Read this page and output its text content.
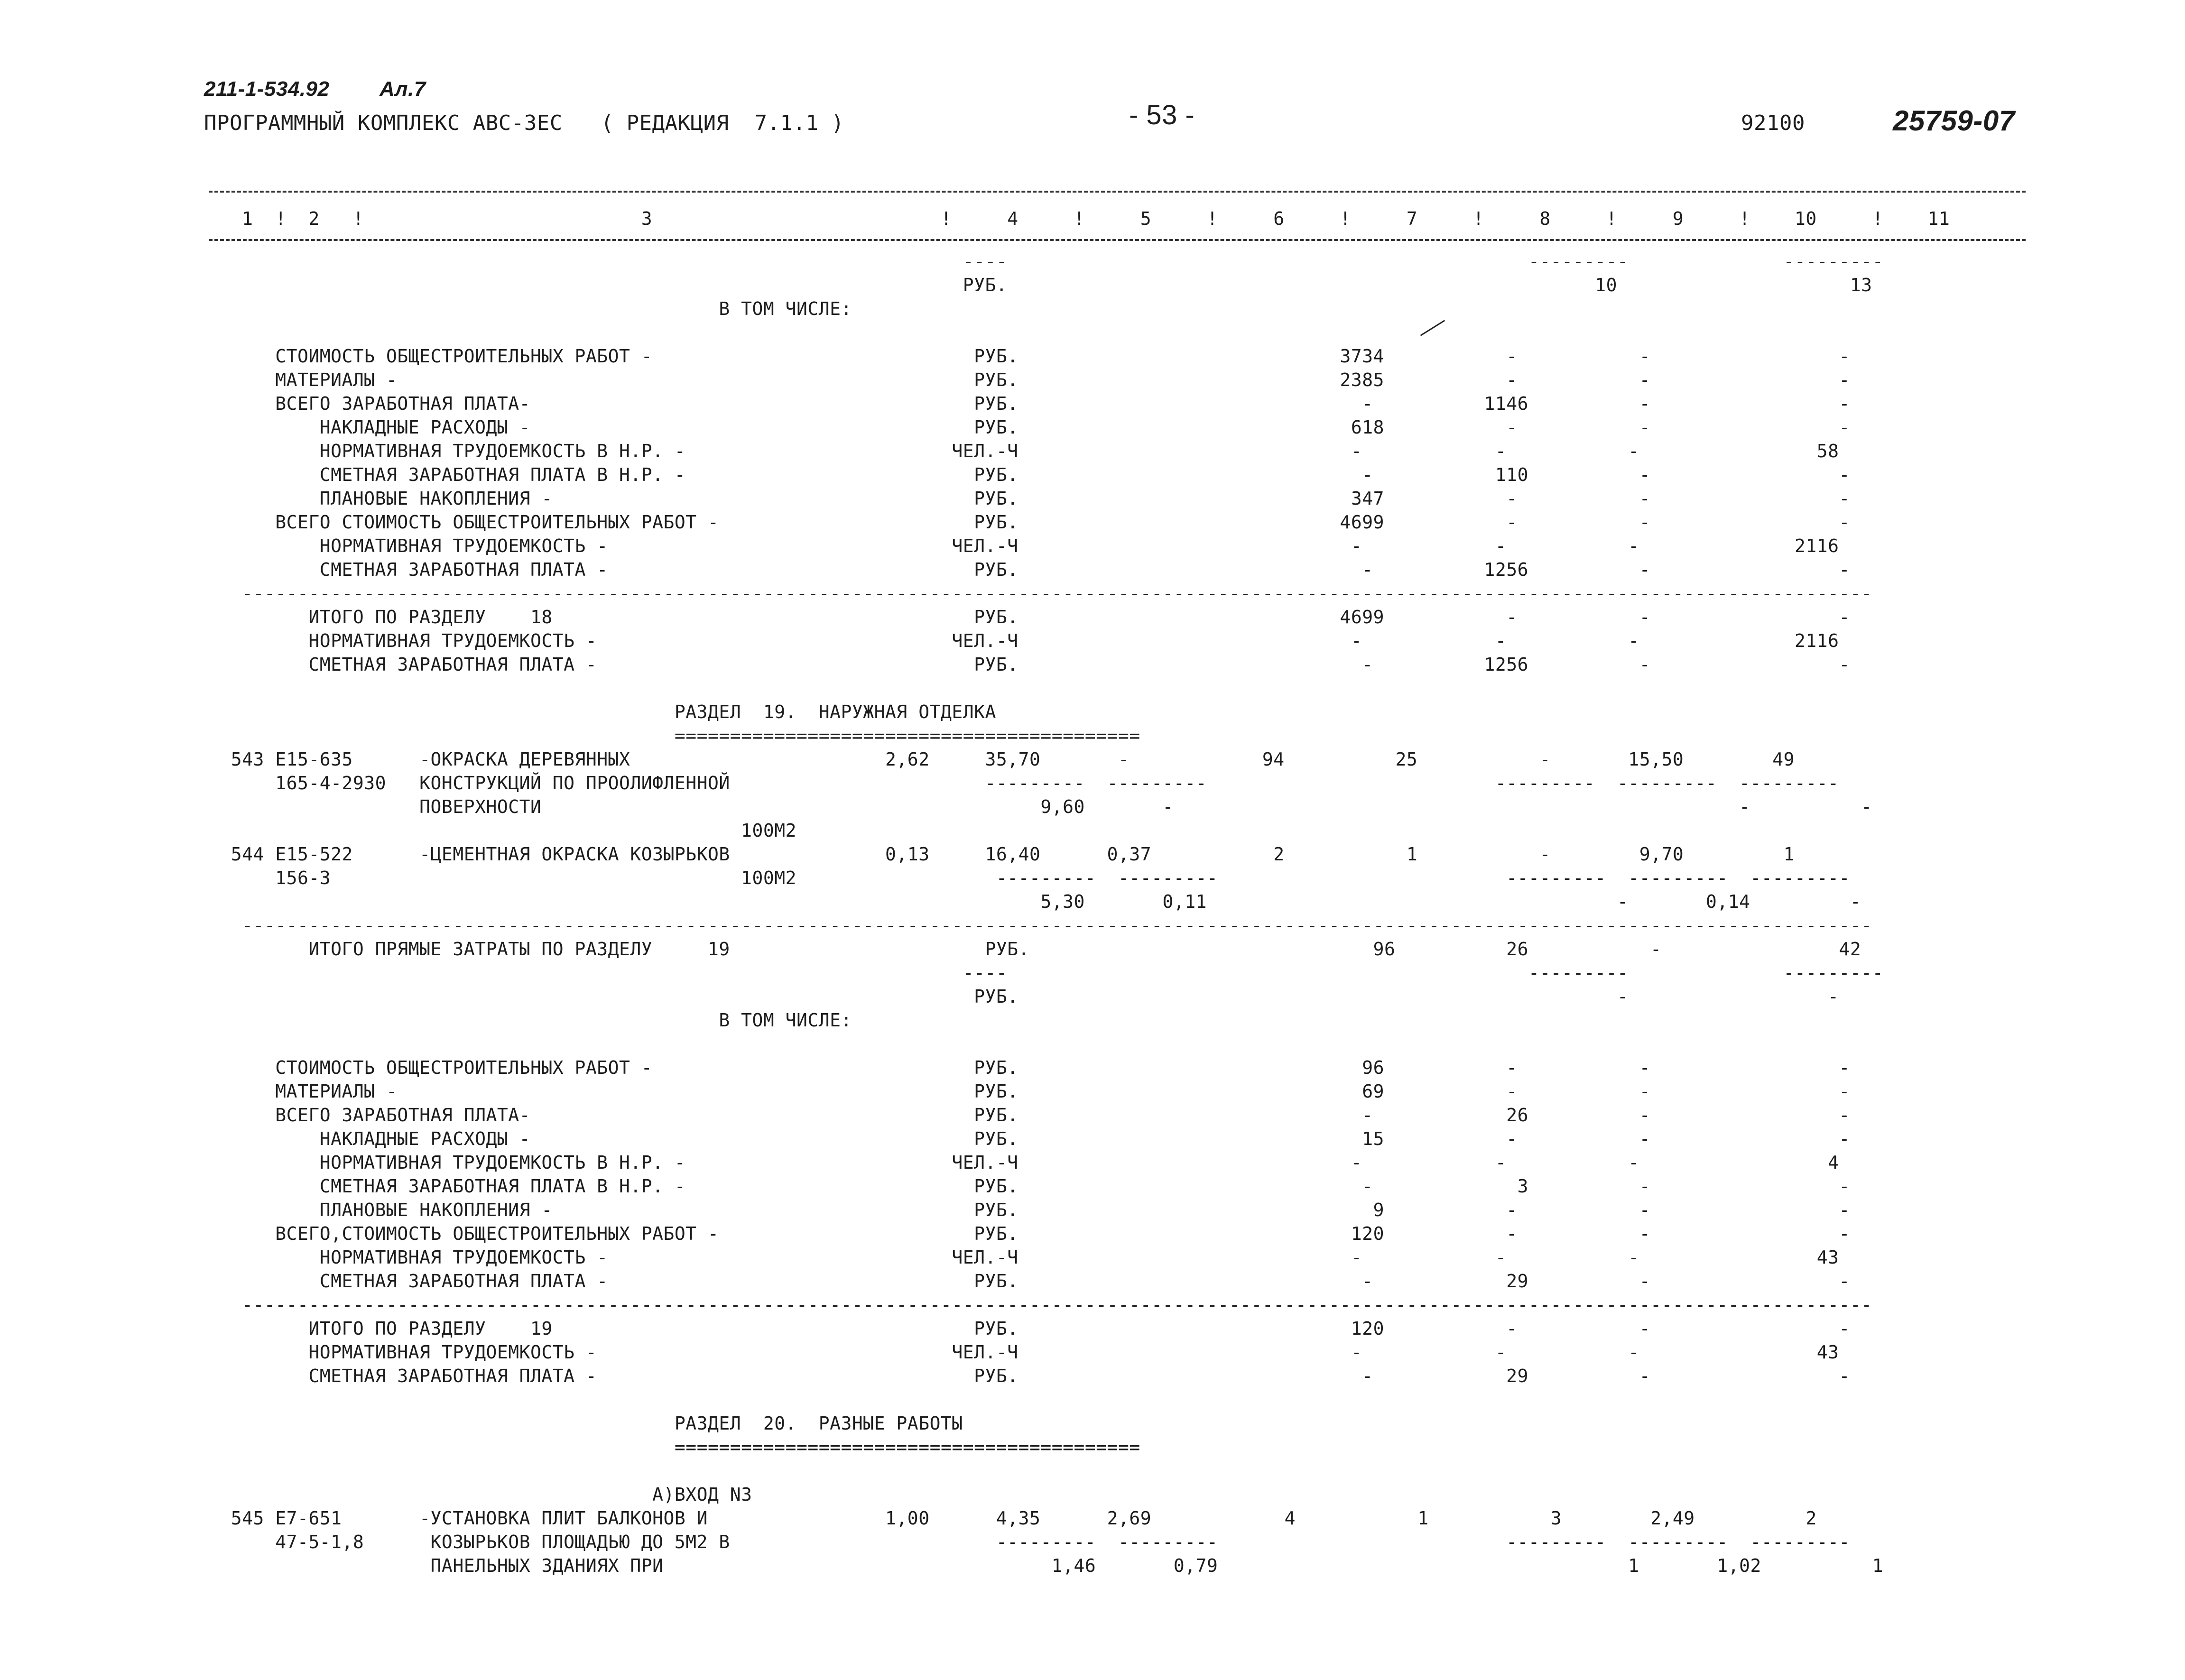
211-1-534.92 Ал.7
ПРОГРАММНЫЙ КОМПЛЕКС АВС-ЗЕС   ( РЕДАКЦИЯ  7.1.1 )	- 53 -	92100	25759-07
1  !  2   !                         3                          !     4     !     5     !     6     !     7     !     8     !     9     !    10     !    11
----                                               ---------              ---------
РУБ.                                                     10                     13
В ТОМ ЧИСЛЕ:
СТОИМОСТЬ ОБЩЕСТРОИТЕЛЬНЫХ РАБОТ -                             РУБ.                             3734           -           -                 -
МАТЕРИАЛЫ -                                                    РУБ.                             2385           -           -                 -
ВСЕГО ЗАРАБОТНАЯ ПЛАТА-                                        РУБ.                               -          1146          -                 -
НАКЛАДНЫЕ РАСХОДЫ -                                        РУБ.                              618           -           -                 -
НОРМАТИВНАЯ ТРУДОЕМКОСТЬ В Н.Р. -                        ЧЕЛ.-Ч                              -            -           -                58
СМЕТНАЯ ЗАРАБОТНАЯ ПЛАТА В Н.Р. -                          РУБ.                               -           110          -                 -
ПЛАНОВЫЕ НАКОПЛЕНИЯ -                                      РУБ.                              347           -           -                 -
ВСЕГО СТОИМОСТЬ ОБЩЕСТРОИТЕЛЬНЫХ РАБОТ -                       РУБ.                             4699           -           -                 -
НОРМАТИВНАЯ ТРУДОЕМКОСТЬ -                               ЧЕЛ.-Ч                              -            -           -              2116
СМЕТНАЯ ЗАРАБОТНАЯ ПЛАТА -                                 РУБ.                               -          1256          -                 -
---------------------------------------------------------------------------------------------------------------------------------------------------
ИТОГО ПО РАЗДЕЛУ    18                                      РУБ.                             4699           -           -                 -
НОРМАТИВНАЯ ТРУДОЕМКОСТЬ -                                ЧЕЛ.-Ч                              -            -           -              2116
СМЕТНАЯ ЗАРАБОТНАЯ ПЛАТА -                                  РУБ.                               -          1256          -                 -
РАЗДЕЛ  19.  НАРУЖНАЯ ОТДЕЛКА
==========================================
543 Е15-635      -ОКРАСКА ДЕРЕВЯННЫХ                       2,62     35,70       -            94          25           -       15,50        49
165-4-2930   КОНСТРУКЦИЙ ПО ПРООЛИФЛЕННОЙ                       ---------  ---------                          ---------  ---------  ---------
ПОВЕРХНОСТИ                                             9,60       -                                                   -          -
100М2
544 Е15-522      -ЦЕМЕНТНАЯ ОКРАСКА КОЗЫРЬКОВ              0,13     16,40      0,37           2           1           -        9,70         1
156-3                                     100М2                  ---------  ---------                          ---------  ---------  ---------
5,30       0,11                                     -       0,14         -
---------------------------------------------------------------------------------------------------------------------------------------------------
ИТОГО ПРЯМЫЕ ЗАТРАТЫ ПО РАЗДЕЛУ     19                       РУБ.                               96          26           -                42
----                                               ---------              ---------
РУБ.                                                      -                  -
В ТОМ ЧИСЛЕ:
СТОИМОСТЬ ОБЩЕСТРОИТЕЛЬНЫХ РАБОТ -                             РУБ.                               96           -           -                 -
МАТЕРИАЛЫ -                                                    РУБ.                               69           -           -                 -
ВСЕГО ЗАРАБОТНАЯ ПЛАТА-                                        РУБ.                               -            26          -                 -
НАКЛАДНЫЕ РАСХОДЫ -                                        РУБ.                               15           -           -                 -
НОРМАТИВНАЯ ТРУДОЕМКОСТЬ В Н.Р. -                        ЧЕЛ.-Ч                              -            -           -                 4
СМЕТНАЯ ЗАРАБОТНАЯ ПЛАТА В Н.Р. -                          РУБ.                               -             3          -                 -
ПЛАНОВЫЕ НАКОПЛЕНИЯ -                                      РУБ.                                9           -           -                 -
ВСЕГО,СТОИМОСТЬ ОБЩЕСТРОИТЕЛЬНЫХ РАБОТ -                       РУБ.                              120           -           -                 -
НОРМАТИВНАЯ ТРУДОЕМКОСТЬ -                               ЧЕЛ.-Ч                              -            -           -                43
СМЕТНАЯ ЗАРАБОТНАЯ ПЛАТА -                                 РУБ.                               -            29          -                 -
---------------------------------------------------------------------------------------------------------------------------------------------------
ИТОГО ПО РАЗДЕЛУ    19                                      РУБ.                              120           -           -                 -
НОРМАТИВНАЯ ТРУДОЕМКОСТЬ -                                ЧЕЛ.-Ч                              -            -           -                43
СМЕТНАЯ ЗАРАБОТНАЯ ПЛАТА -                                  РУБ.                               -            29          -                 -
РАЗДЕЛ  20.  РАЗНЫЕ РАБОТЫ
==========================================
А)ВХОД N3
545 Е7-651       -УСТАНОВКА ПЛИТ БАЛКОНОВ И                1,00      4,35      2,69            4           1           3        2,49          2
47-5-1,8      КОЗЫРЬКОВ ПЛОЩАДЬЮ ДО 5М2 В                        ---------  ---------                          ---------  ---------  ---------
ПАНЕЛЬНЫХ ЗДАНИЯХ ПРИ                                   1,46       0,79                                     1       1,02          1
